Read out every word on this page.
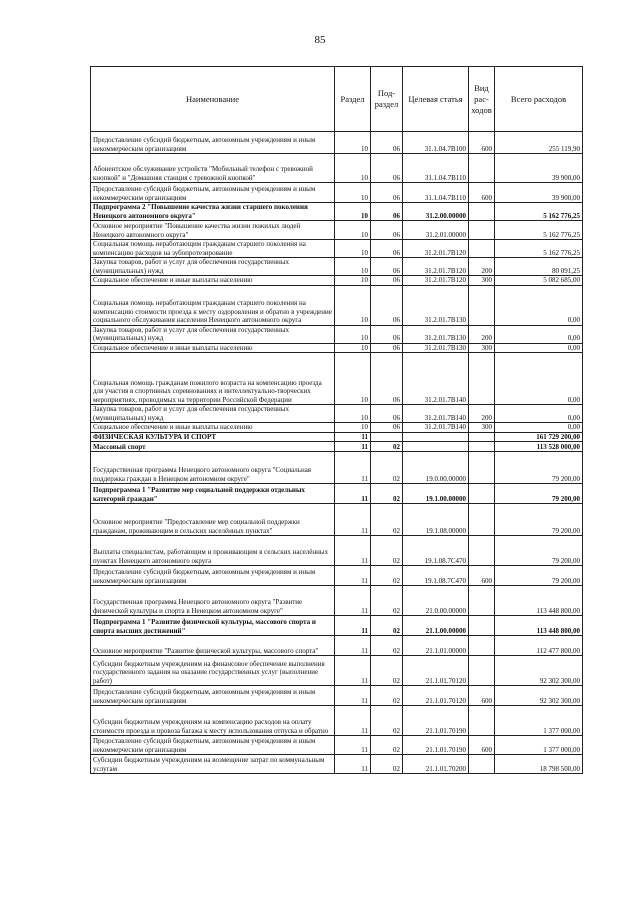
85
Наименование	Раздел	Под-раздел	Целевая статья	Вид рас-ходов	Всего расходов
Предоставление субсидий бюджетным, автономным учреждениям и иным некоммерческим организациям	10	06	31.1.04.7В100	600	255 119,90
Абонентское обслуживание устройств "Мобильный телефон с тревожной кнопкой" и "Домашняя станция с тревожной кнопкой"	10	06	31.1.04.7В110		39 900,00
Предоставление субсидий бюджетным, автономным учреждениям и иным некоммерческим организациям	10	06	31.1.04.7В110	600	39 900,00
Подпрограмма 2 "Повышение качества жизни старшего поколения Ненецкого автономного округа"	10	06	31.2.00.00000		5 162 776,25
Основное мероприятие "Повышение качества жизни пожилых людей Ненецкого автономного округа"	10	06	31.2.01.00000		5 162 776,25
Социальная помощь неработающим гражданам старшего поколения на компенсацию расходов на зубопротезирование	10	06	31.2.01.7В120		5 162 776,25
Закупка товаров, работ и услуг для обеспечения государственных (муниципальных) нужд	10	06	31.2.01.7В120	200	80 091,25
Социальное обеспечение и иные выплаты населению	10	06	31.2.01.7В120	300	5 082 685,00
Социальная помощь неработающим гражданам старшего поколения на компенсацию стоимости проезда к месту оздоровления и обратно в учреждение социального обслуживания населения Ненецкого автономного округа	10	06	31.2.01.7В130		0,00
Закупка товаров, работ и услуг для обеспечения государственных (муниципальных) нужд	10	06	31.2.01.7В130	200	0,00
Социальное обеспечение и иные выплаты населению	10	06	31.2.01.7В130	300	0,00
Социальная помощь гражданам пожилого возраста на компенсацию проезда для участия в спортивных соревнованиях и интеллектуально-творческих мероприятиях, проводимых на территории Российской Федерации	10	06	31.2.01.7В140		0,00
Закупка товаров, работ и услуг для обеспечения государственных (муниципальных) нужд	10	06	31.2.01.7В140	200	0,00
Социальное обеспечение и иные выплаты населению	10	06	31.2.01.7В140	300	0,00
ФИЗИЧЕСКАЯ КУЛЬТУРА И СПОРТ	11				161 729 200,00
Массовый спорт	11	02			113 528 000,00
Государственная программа Ненецкого автономного округа "Социальная поддержка граждан в Ненецком автономном округе"	11	02	19.0.00.00000		79 200,00
Подпрограмма 1 "Развитие мер социальной поддержки отдельных категорий граждан"	11	02	19.1.00.00000		79 200,00
Основное мероприятие "Предоставление мер социальной поддержки гражданам, проживающим в сельских населённых пунктах"	11	02	19.1.08.00000		79 200,00
Выплаты специалистам, работающим и проживающим в сельских населённых пунктах Ненецкого автономного округа	11	02	19.1.08.7С470		79 200,00
Предоставление субсидий бюджетным, автономным учреждениям и иным некоммерческим организациям	11	02	19.1.08.7С470	600	79 200,00
Государственная программа Ненецкого автономного округа "Развитие физической культуры и спорта в Ненецком автономном округе"	11	02	21.0.00.00000		113 448 800,00
Подпрограмма 1 "Развитие физической культуры, массового спорта и спорта высших достижений"	11	02	21.1.00.00000		113 448 800,00
Основное мероприятие "Развитие физической культуры, массового спорта"	11	02	21.1.01.00000		112 477 800,00
Субсидии бюджетным учреждениям на финансовое обеспечение выполнения государственного задания на оказание государственных услуг (выполнение работ)	11	02	21.1.01.70120		92 302 300,00
Предоставление субсидий бюджетным, автономным учреждениям и иным некоммерческим организациям	11	02	21.1.01.70120	600	92 302 300,00
Субсидии бюджетным учреждениям на компенсацию расходов на оплату стоимости проезда и провоза багажа к месту использования отпуска и обратно	11	02	21.1.01.70190		1 377 000,00
Предоставление субсидий бюджетным, автономным учреждениям и иным некоммерческим организациям	11	02	21.1.01.70190	600	1 377 000,00
Субсидии бюджетным учреждениям на возмещение затрат по коммунальным услугам	11	02	21.1.01.70200		18 798 500,00
